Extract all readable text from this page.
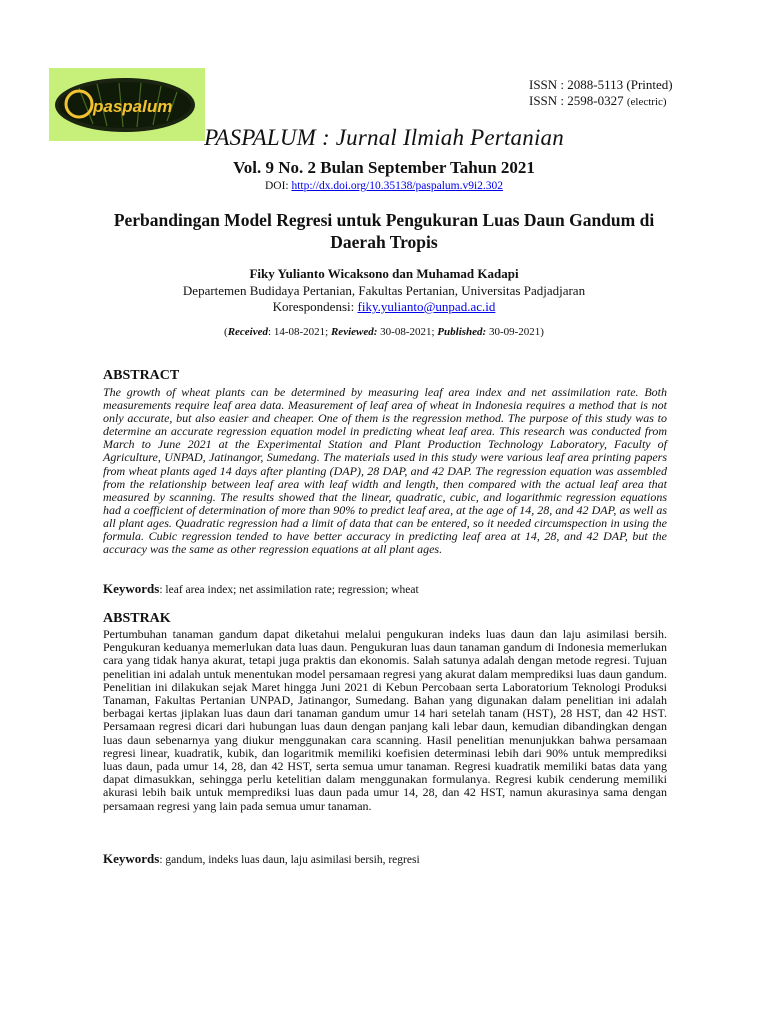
paspalum
ISSN : 2088-5113 (Printed)
ISSN : 2598-0327 (electric)
PASPALUM : Jurnal Ilmiah Pertanian
Vol. 9 No. 2 Bulan September Tahun 2021
DOI: http://dx.doi.org/10.35138/paspalum.v9i2.302
Perbandingan Model Regresi untuk Pengukuran Luas Daun Gandum di Daerah Tropis
Fiky Yulianto Wicaksono dan Muhamad Kadapi
Departemen Budidaya Pertanian, Fakultas Pertanian, Universitas Padjadjaran
Korespondensi: fiky.yulianto@unpad.ac.id
(Received: 14-08-2021; Reviewed: 30-08-2021; Published: 30-09-2021)
ABSTRACT
The growth of wheat plants can be determined by measuring leaf area index and net assimilation rate. Both measurements require leaf area data. Measurement of leaf area of wheat in Indonesia requires a method that is not only accurate, but also easier and cheaper. One of them is the regression method. The purpose of this study was to determine an accurate regression equation model in predicting wheat leaf area. This research was conducted from March to June 2021 at the Experimental Station and Plant Production Technology Laboratory, Faculty of Agriculture, UNPAD, Jatinangor, Sumedang. The materials used in this study were various leaf area printing papers from wheat plants aged 14 days after planting (DAP), 28 DAP, and 42 DAP. The regression equation was assembled from the relationship between leaf area with leaf width and length, then compared with the actual leaf area that measured by scanning. The results showed that the linear, quadratic, cubic, and logarithmic regression equations had a coefficient of determination of more than 90% to predict leaf area, at the age of 14, 28, and 42 DAP, as well as all plant ages. Quadratic regression had a limit of data that can be entered, so it needed circumspection in using the formula. Cubic regression tended to have better accuracy in predicting leaf area at 14, 28, and 42 DAP, but the accuracy was the same as other regression equations at all plant ages.
Keywords: leaf area index; net assimilation rate; regression; wheat
ABSTRAK
Pertumbuhan tanaman gandum dapat diketahui melalui pengukuran indeks luas daun dan laju asimilasi bersih. Pengukuran keduanya memerlukan data luas daun. Pengukuran luas daun tanaman gandum di Indonesia memerlukan cara yang tidak hanya akurat, tetapi juga praktis dan ekonomis. Salah satunya adalah dengan metode regresi. Tujuan penelitian ini adalah untuk menentukan model persamaan regresi yang akurat dalam memprediksi luas daun gandum. Penelitian ini dilakukan sejak Maret hingga Juni 2021 di Kebun Percobaan serta Laboratorium Teknologi Produksi Tanaman, Fakultas Pertanian UNPAD, Jatinangor, Sumedang. Bahan yang digunakan dalam penelitian ini adalah berbagai kertas jiplakan luas daun dari tanaman gandum umur 14 hari setelah tanam (HST), 28 HST, dan 42 HST. Persamaan regresi dicari dari hubungan luas daun dengan panjang kali lebar daun, kemudian dibandingkan dengan luas daun sebenarnya yang diukur menggunakan cara scanning. Hasil penelitian menunjukkan bahwa persamaan regresi linear, kuadratik, kubik, dan logaritmik memiliki koefisien determinasi lebih dari 90% untuk memprediksi luas daun, pada umur 14, 28, dan 42 HST, serta semua umur tanaman. Regresi kuadratik memiliki batas data yang dapat dimasukkan, sehingga perlu ketelitian dalam menggunakan formulanya. Regresi kubik cenderung memiliki akurasi lebih baik untuk memprediksi luas daun pada umur 14, 28, dan 42 HST, namun akurasinya sama dengan persamaan regresi yang lain pada semua umur tanaman.
Keywords: gandum, indeks luas daun, laju asimilasi bersih, regresi
